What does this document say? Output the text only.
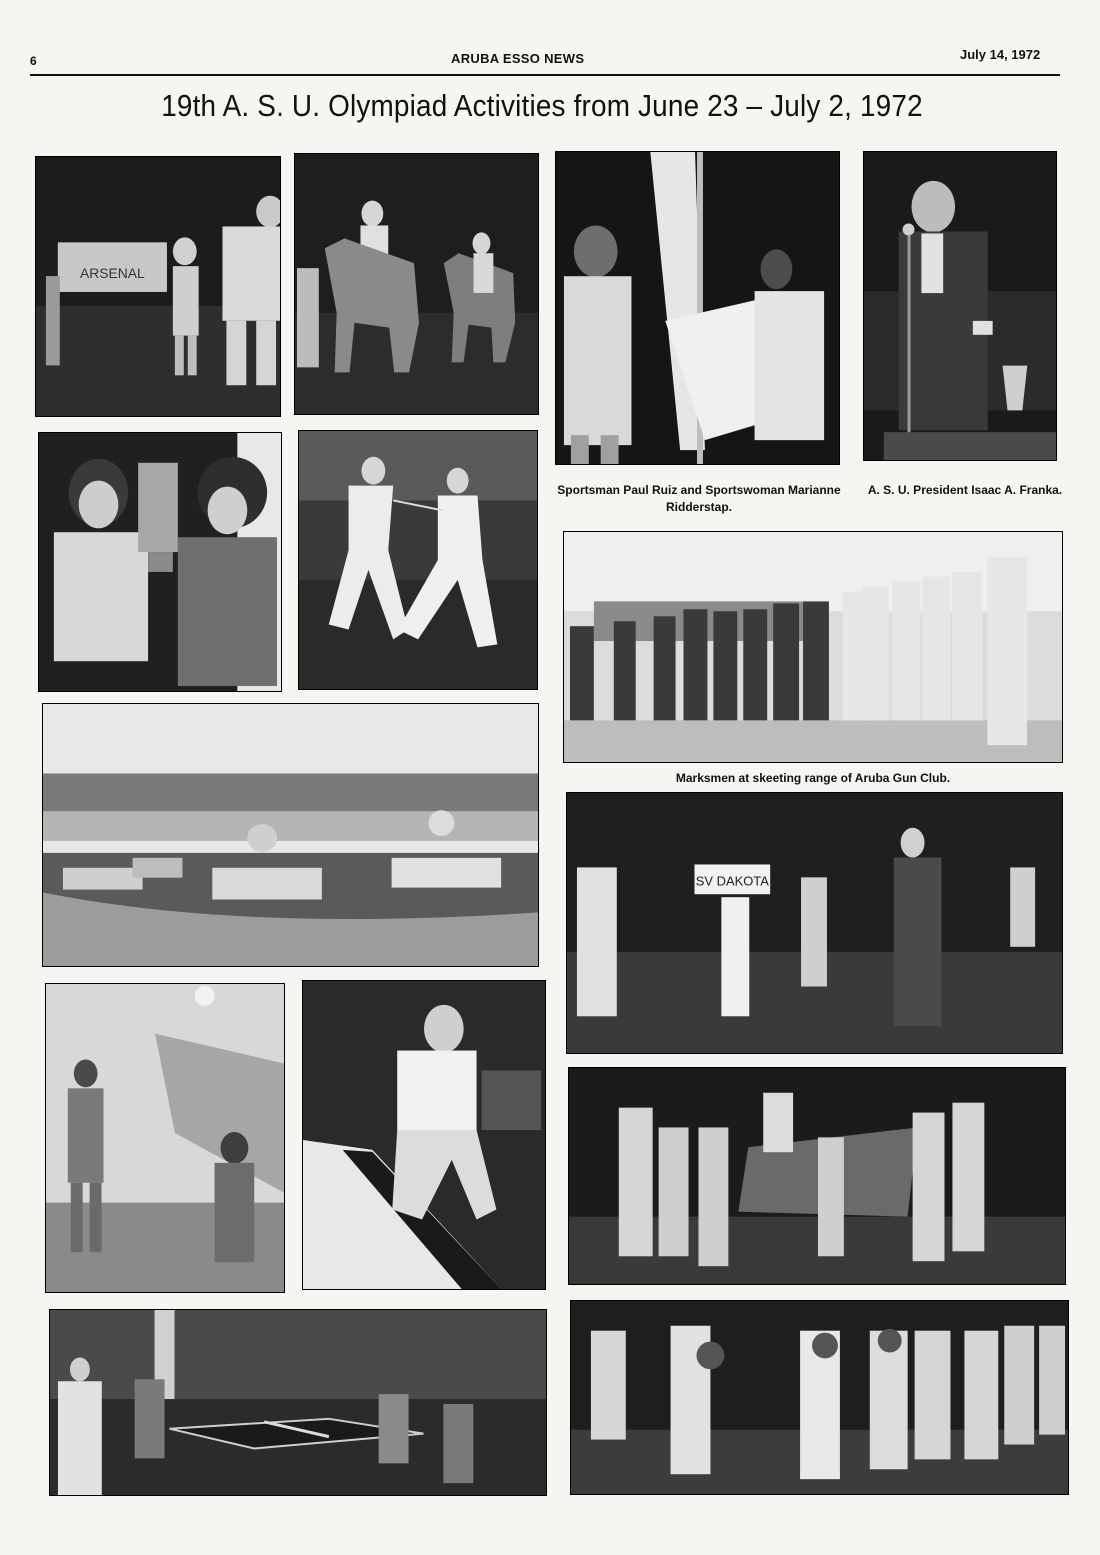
6	ARUBA ESSO NEWS	July 14, 1972
19th A. S. U. Olympiad Activities from June 23 – July 2, 1972
ARSENAL
Sportsman Paul Ruiz and Sportswoman Marianne Ridderstap.
A. S. U. President Isaac A. Franka.
Marksmen at skeeting range of Aruba Gun Club.
SV DAKOTA
